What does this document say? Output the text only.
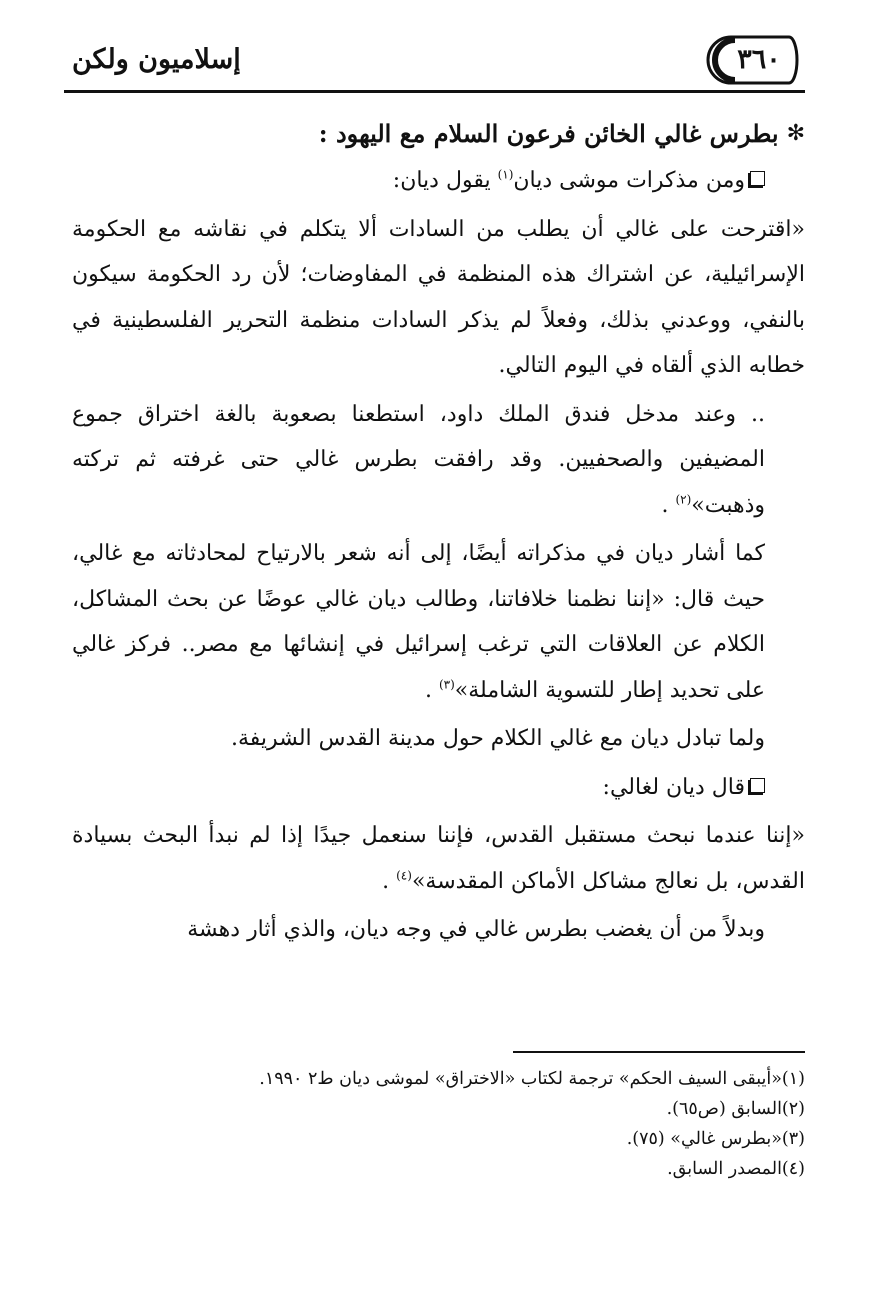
٣٦٠
إسلاميون ولكن
✻
بطرس غالي الخائن فرعون السلام مع اليهود :

ومن مذكرات موشى ديان$^{(١)}$ يقول ديان:

«اقترحت على غالي أن يطلب من السادات ألا يتكلم في نقاشه مع الحكومة الإسرائيلية، عن اشتراك هذه المنظمة في المفاوضات؛ لأن رد الحكومة سيكون بالنفي، ووعدني بذلك، وفعلاً لم يذكر السادات منظمة التحرير الفلسطينية في خطابه الذي ألقاه في اليوم التالي.

.. وعند مدخل فندق الملك داود، استطعنا بصعوبة بالغة اختراق جموع المضيفين والصحفيين. وقد رافقت بطرس غالي حتى غرفته ثم تركته وذهبت»$^{(٢)}$ .

كما أشار ديان في مذكراته أيضًا، إلى أنه شعر بالارتياح لمحادثاته مع غالي، حيث قال: «إننا نظمنا خلافاتنا، وطالب ديان غالي عوضًا عن بحث المشاكل، الكلام عن العلاقات التي ترغب إسرائيل في إنشائها مع مصر.. فركز غالي على تحديد إطار للتسوية الشاملة»$^{(٣)}$ .

ولما تبادل ديان مع غالي الكلام حول مدينة القدس الشريفة.

قال ديان لغالي:

«إننا عندما نبحث مستقبل القدس، فإننا سنعمل جيدًا إذا لم نبدأ البحث بسيادة القدس، بل نعالج مشاكل الأماكن المقدسة»$^{(٤)}$ .

وبدلاً من أن يغضب بطرس غالي في وجه ديان، والذي أثار دهشة

(١)«أيبقى السيف الحكم» ترجمة لكتاب «الاختراق» لموشى ديان ط٢ ١٩٩٠.

(٢)السابق (ص٦٥).

(٣)«بطرس غالي» (٧٥).

(٤)المصدر السابق.
